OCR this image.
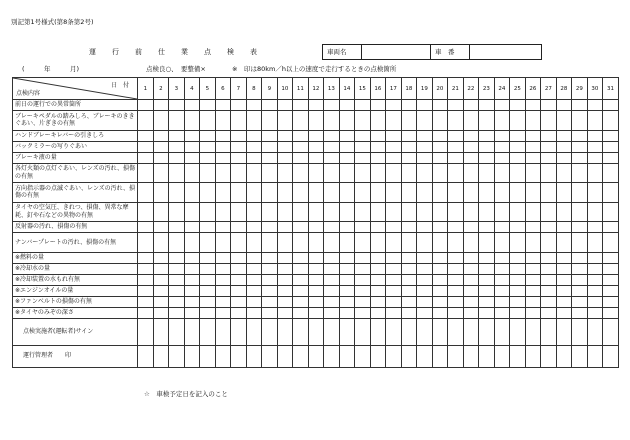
別記第1号様式(第8条第2号)
運 行 前 仕 業 点 検 表	車両名	車　番
(　　　年　　　月)	点検良○、　要整備×	※　印は80km／h以上の速度で走行するときの点検箇所
日　付
点検内容	1	2	3	4	5	6	7	8	9	10	11	12	13	14	15	16	17	18	19	20	21	22	23	24	25	26	27	28	29	30	31
前日の運行での異常箇所																															
ブレーキペダルの踏みしろ、ブレーキのききぐあい、片ぎきの有無																															
ハンドブレーキレバーの引きしろ																															
バックミラーの写りぐあい																															
ブレーキ液の量																															
各灯火類の点灯ぐあい、レンズの汚れ、損傷の有無																															
方向指示器の点滅ぐあい、レンズの汚れ、損傷の有無																															
タイヤの空気圧、きれつ、損傷、異常な摩耗、釘や石などの異物の有無																															
反射器の汚れ、損傷の有無																															
ナンバープレートの汚れ、損傷の有無																															
※燃料の量																															
※冷却水の量																															
※冷却装置の水もれ有無																															
※エンジンオイルの量																															
※ファンベルトの損傷の有無																															
※タイヤのみぞの深さ																															
点検実施者(運転者)サイン																															
運行管理者　　印																															
☆　車検予定日を記入のこと
